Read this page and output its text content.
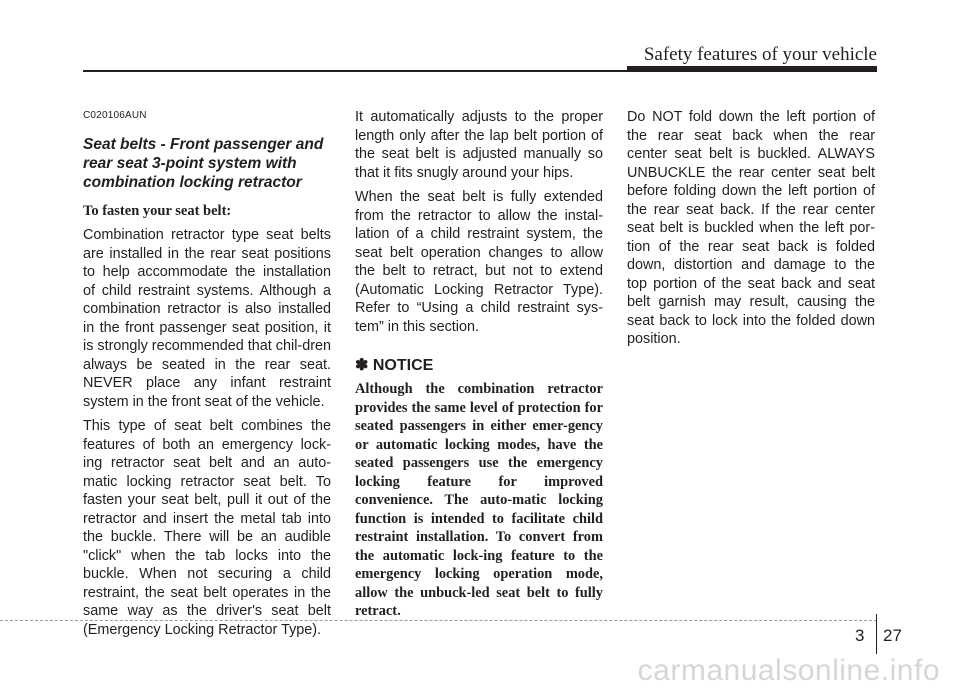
Safety features of your vehicle
C020106AUN
Seat belts - Front passenger and rear seat 3-point system with combination locking retractor
To fasten your seat belt:

Combination retractor type seat belts are installed in the rear seat positions to help accommodate the installation of child restraint systems. Although a combination retractor is also installed in the front passenger seat position, it is strongly recommended that chil-dren always be seated in the rear seat. NEVER place any infant restraint system in the front seat of the vehicle.

This type of seat belt combines the features of both an emergency lock-ing retractor seat belt and an auto-matic locking retractor seat belt. To fasten your seat belt, pull it out of the retractor and insert the metal tab into the buckle. There will be an audible "click" when the tab locks into the buckle. When not securing a child restraint, the seat belt operates in the same way as the driver's seat belt (Emergency Locking Retractor Type).

It automatically adjusts to the proper length only after the lap belt portion of the seat belt is adjusted manually so that it fits snugly around your hips.

When the seat belt is fully extended from the retractor to allow the instal-lation of a child restraint system, the seat belt operation changes to allow the belt to retract, but not to extend (Automatic Locking Retractor Type). Refer to “Using a child restraint sys-tem” in this section.

✽ NOTICE

Although the combination retractor provides the same level of protection for seated passengers in either emer-gency or automatic locking modes, have the seated passengers use the emergency locking feature for improved convenience. The auto-matic locking function is intended to facilitate child restraint installation. To convert from the automatic lock-ing feature to the emergency locking operation mode, allow the unbuck-led seat belt to fully retract.

Do NOT fold down the left portion of the rear seat back when the rear center seat belt is buckled. ALWAYS UNBUCKLE the rear center seat belt before folding down the left portion of the rear seat back. If the rear center seat belt is buckled when the left por-tion of the rear seat back is folded down, distortion and damage to the top portion of the seat back and seat belt garnish may result, causing the seat back to lock into the folded down position.

3 27
carmanualsonline.info
